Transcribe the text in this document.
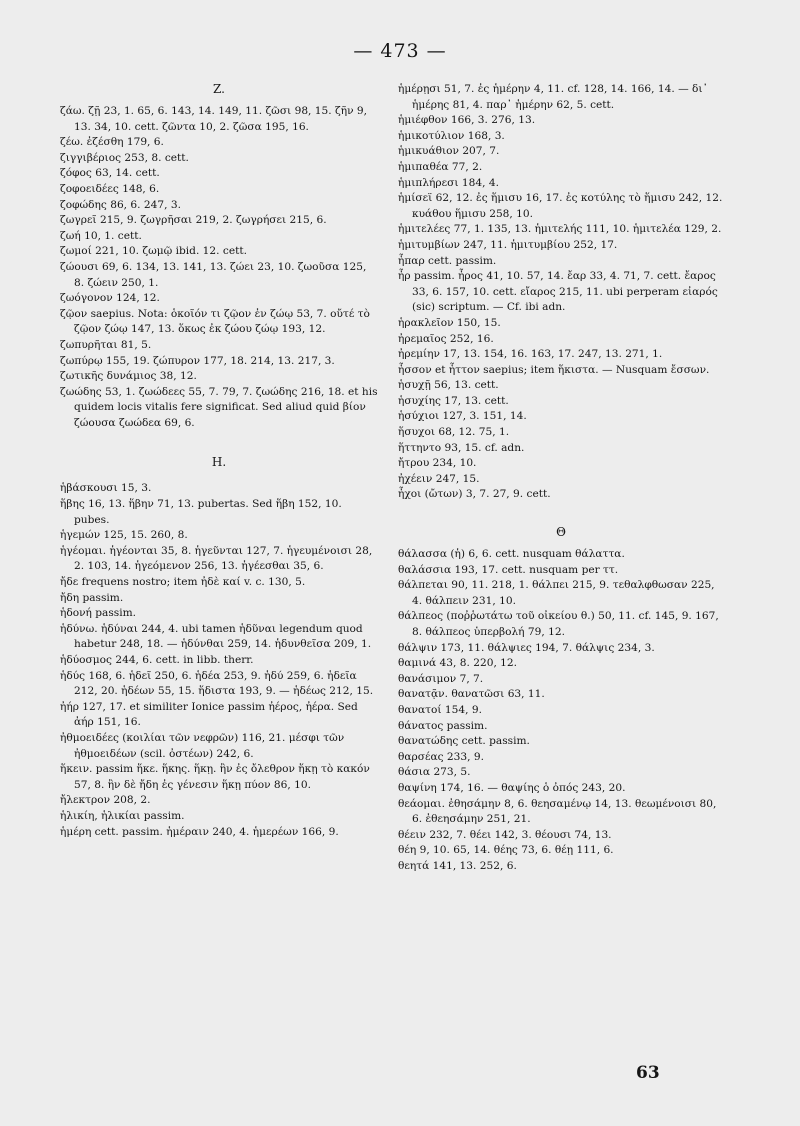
— 473 —
Z.
ζάω. ζῇ 23, 1. 65, 6. 143, 14. 149, 11. ζῶσι 98, 15. ζῆν 9, 13. 34, 10. cett. ζῶντα 10, 2. ζῶσα 195, 16.
ζέω. ἐζέσθη 179, 6.
ζιγγιβέριος 253, 8. cett.
ζόφος 63, 14. cett.
ζοφοειδέες 148, 6.
ζοφώδης 86, 6. 247, 3.
ζωγρεῖ 215, 9. ζωγρῆσαι 219, 2. ζωγρήσει 215, 6.
ζωή 10, 1. cett.
ζωμοί 221, 10. ζωμῷ ibid. 12. cett.
ζώουσι 69, 6. 134, 13. 141, 13. ζώει 23, 10. ζωοῦσα 125, 8. ζώειν 250, 1.
ζωόγονον 124, 12.
ζῷον saepius. Nota: ὁκοῖόν τι ζῷον ἐν ζώῳ 53, 7. οὔτέ τὸ ζῷον ζώῳ 147, 13. ὅκως ἐκ ζώου ζώῳ 193, 12.
ζωπυρῆται 81, 5.
ζωπύρῳ 155, 19. ζώπυρον 177, 18. 214, 13. 217, 3.
ζωτικῆς δυνάμιος 38, 12.
ζωώδης 53, 1. ζωώδεες 55, 7. 79, 7. ζωώδης 216, 18. et his quidem locis vitalis fere significat. Sed aliud quid βίον ζώουσα ζωώδεα 69, 6.
H.
ἡβάσκουσι 15, 3.
ἥβης 16, 13. ἥβην 71, 13. pubertas. Sed ἥβη 152, 10. pubes.
ἡγεμών 125, 15. 260, 8.
ἡγέομαι. ἡγέονται 35, 8. ἡγεῦνται 127, 7. ἡγευμένοισι 28, 2. 103, 14. ἡγεόμενον 256, 13. ἡγέεσθαι 35, 6.
ἤδε frequens nostro; item ἠδὲ καί v. c. 130, 5.
ἤδη passim.
ἡδονή passim.
ἡδύνω. ἡδύναι 244, 4. ubi tamen ἡδῦναι legendum quod habetur 248, 18. — ἡδύνθαι 259, 14. ἡδυνθεῖσα 209, 1.
ἡδύοσμος 244, 6. cett. in libb. therr.
ἡδύς 168, 6. ἡδεῖ 250, 6. ἡδέα 253, 9. ἡδύ 259, 6. ἡδεῖα 212, 20. ἡδέων 55, 15. ἥδιστα 193, 9. — ἡδέως 212, 15.
ἠήρ 127, 17. et similiter Ionice passim ἠέρος, ἠέρα. Sed ἀήρ 151, 16.
ἠθμοειδέες (κοιλίαι τῶν νεφρῶν) 116, 21. μέσφι τῶν ἠθμοειδέων (scil. ὀστέων) 242, 6.
ἥκειν. passim ἥκε. ἥκης. ἥκῃ. ἢν ἐς ὄλεθρον ἥκῃ τὸ κακόν 57, 8. ἢν δὲ ἤδη ἐς γένεσιν ἥκῃ πύον 86, 10.
ἤλεκτρον 208, 2.
ἡλικίη, ἡλικίαι passim.
ἡμέρη cett. passim. ἡμέραιν 240, 4. ἡμερέων 166, 9.
ἡμέρῃσι 51, 7. ἐς ἡμέρην 4, 11. cf. 128, 14. 166, 14. — δι᾽ ἡμέρης 81, 4. παρ᾽ ἡμέρην 62, 5. cett.
ἡμιέφθον 166, 3. 276, 13.
ἡμικοτύλιον 168, 3.
ἡμικυάθιον 207, 7.
ἡμιπαθέα 77, 2.
ἡμιπλήρεσι 184, 4.
ἡμίσεϊ 62, 12. ἐς ἥμισυ 16, 17. ἐς κοτύλης τὸ ἥμισυ 242, 12. κυάθου ἥμισυ 258, 10.
ἡμιτελέες 77, 1. 135, 13. ἡμιτελής 111, 10. ἡμιτελέα 129, 2.
ἡμιτυμβίων 247, 11. ἡμιτυμβίου 252, 17.
ἧπαρ cett. passim.
ἦρ passim. ἦρος 41, 10. 57, 14. ἔαρ 33, 4. 71, 7. cett. ἔαρος 33, 6. 157, 10. cett. εἴαρος 215, 11. ubi perperam εἰαρός (sic) scriptum. — Cf. ibi adn.
ἡρακλεῖον 150, 15.
ἠρεμαῖος 252, 16.
ἠρεμίην 17, 13. 154, 16. 163, 17. 247, 13. 271, 1.
ἧσσον et ἧττον saepius; item ἥκιστα. — Nusquam ἔσσων.
ἡσυχῇ 56, 13. cett.
ἡσυχίης 17, 13. cett.
ἡσύχιοι 127, 3. 151, 14.
ἥσυχοι 68, 12. 75, 1.
ἥττηντο 93, 15. cf. adn.
ἤτρου 234, 10.
ἠχέειν 247, 15.
ἦχοι (ὤτων) 3, 7. 27, 9. cett.
Θ
θάλασσα (ἡ) 6, 6. cett. nusquam θάλαττα.
θαλάσσια 193, 17. cett. nusquam per ττ.
θάλπεται 90, 11. 218, 1. θάλπει 215, 9. τεθαλφθωσαν 225, 4. θάλπειν 231, 10.
θάλπεος (ποῤῥωτάτω τοῦ οἰκείου θ.) 50, 11. cf. 145, 9. 167, 8. θάλπεος ὑπερβολή 79, 12.
θάλψιν 173, 11. θάλψιες 194, 7. θάλψις 234, 3.
θαμινά 43, 8. 220, 12.
θανάσιμον 7, 7.
θανατᾷν. θανατῶσι 63, 11.
θανατοί 154, 9.
θάνατος passim.
θανατώδης cett. passim.
θαρσέας 233, 9.
θάσια 273, 5.
θαψίνη 174, 16. — θαψίης ὁ ὀπός 243, 20.
θεάομαι. ἐθησάμην 8, 6. θεησαμένῳ 14, 13. θεωμένοισι 80, 6. ἐθεησάμην 251, 21.
θέειν 232, 7. θέει 142, 3. θέουσι 74, 13.
θέη 9, 10. 65, 14. θέης 73, 6. θέῃ 111, 6.
θεητά 141, 13. 252, 6.
63
